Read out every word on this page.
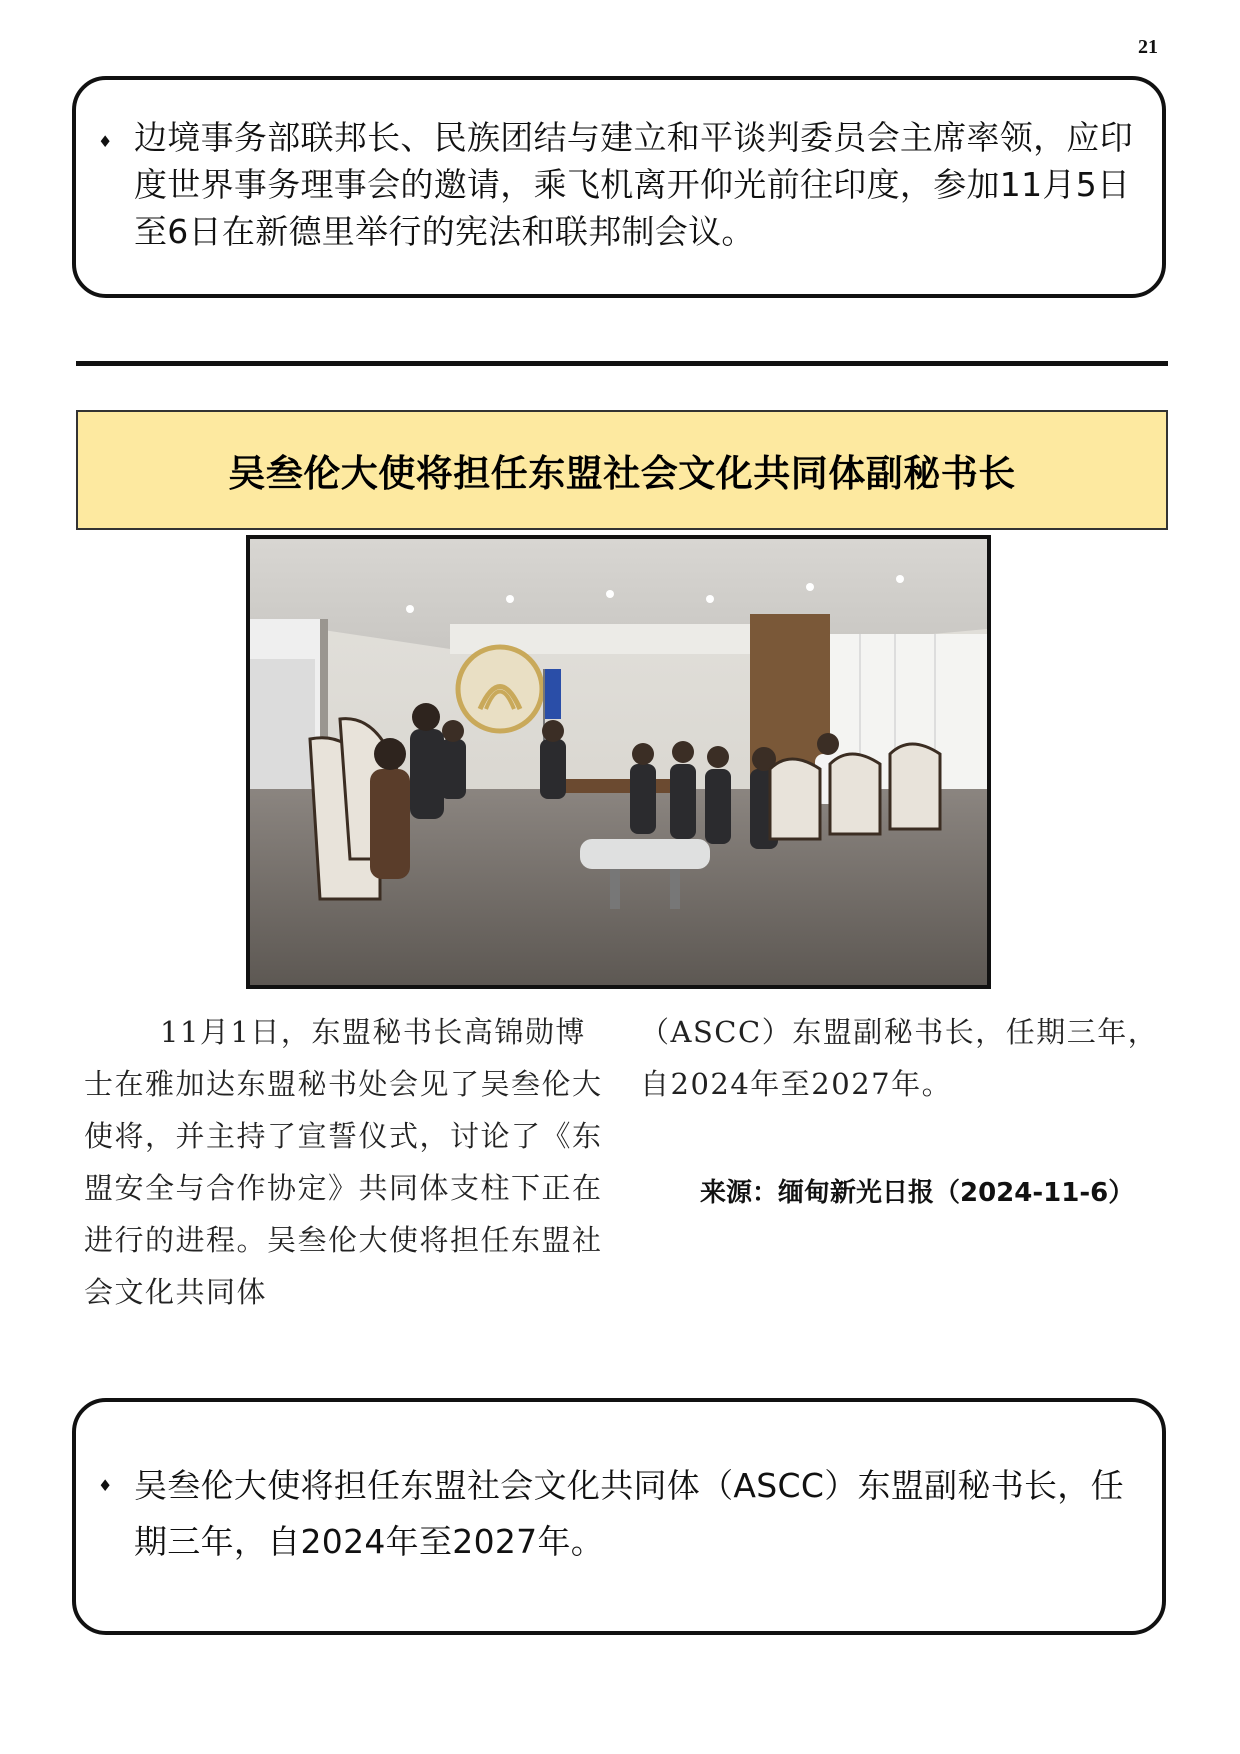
21
♦ 边境事务部联邦长、民族团结与建立和平谈判委员会主席率领，应印度世界事务理事会的邀请，乘飞机离开仰光前往印度，参加11月5日至6日在新德里举行的宪法和联邦制会议。
吴叁伦大使将担任东盟社会文化共同体副秘书长
11月1日，东盟秘书长高锦勋博士在雅加达东盟秘书处会见了吴叁伦大使将，并主持了宣誓仪式，讨论了《东盟安全与合作协定》共同体支柱下正在进行的进程。吴叁伦大使将担任东盟社会文化共同体
（ASCC）东盟副秘书长，任期三年，自2024年至2027年。
来源：缅甸新光日报（2024-11-6）
♦ 吴叁伦大使将担任东盟社会文化共同体（ASCC）东盟副秘书长，任期三年，自2024年至2027年。
